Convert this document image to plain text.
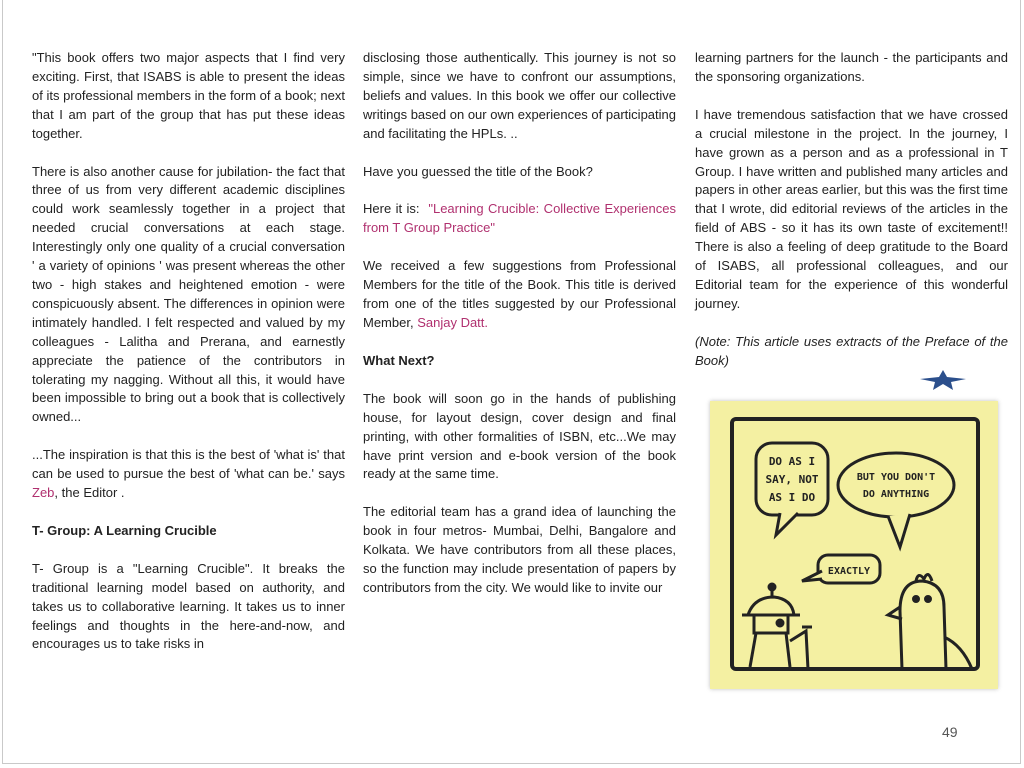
"This book offers two major aspects that I find very exciting. First, that ISABS is able to present the ideas of its professional members in the form of a book; next that I am part of the group that has put these ideas together.

There is also another cause for jubilation- the fact that three of us from very different academic disciplines could work seamlessly together in a project that needed crucial conversations at each stage. Interestingly only one quality of a crucial conversation ' a variety of opinions ' was present whereas the other two - high stakes and heightened emotion - were conspicuously absent. The differences in opinion were intimately handled. I felt respected and valued by my colleagues - Lalitha and Prerana, and earnestly appreciate the patience of the contributors in tolerating my nagging. Without all this, it would have been impossible to bring out a book that is collectively owned...

...The inspiration is that this is the best of 'what is' that can be used to pursue the best of 'what can be.' says Zeb, the Editor .

T- Group: A Learning Crucible

T- Group is a "Learning Crucible". It breaks the traditional learning model based on authority, and takes us to collaborative learning. It takes us to inner feelings and thoughts in the here-and-now, and encourages us to take risks in

disclosing those authentically. This journey is not so simple, since we have to confront our assumptions, beliefs and values. In this book we offer our collective writings based on our own experiences of participating and facilitating the HPLs. ..

Have you guessed the title of the Book?

Here it is: "Learning Crucible: Collective Experiences from T Group Practice"

We received a few suggestions from Professional Members for the title of the Book. This title is derived from one of the titles suggested by our Professional Member, Sanjay Datt.

What Next?

The book will soon go in the hands of publishing house, for layout design, cover design and final printing, with other formalities of ISBN, etc...We may have print version and e-book version of the book ready at the same time.

The editorial team has a grand idea of launching the book in four metros- Mumbai, Delhi, Bangalore and Kolkata. We have contributors from all these places, so the function may include presentation of papers by contributors from the city. We would like to invite our

learning partners for the launch - the participants and the sponsoring organizations.

I have tremendous satisfaction that we have crossed a crucial milestone in the project. In the journey, I have grown as a person and as a professional in T Group. I have written and published many articles and papers in other areas earlier, but this was the first time that I wrote, did editorial reviews of the articles in the field of ABS - so it has its own taste of excitement!! There is also a feeling of deep gratitude to the Board of ISABS, all professional colleagues, and our Editorial team for the experience of this wonderful journey.

(Note: This article uses extracts of the Preface of the Book)

DO AS I
SAY, NOT
AS I DO
BUT YOU DON'T
DO ANYTHING
EXACTLY
49
